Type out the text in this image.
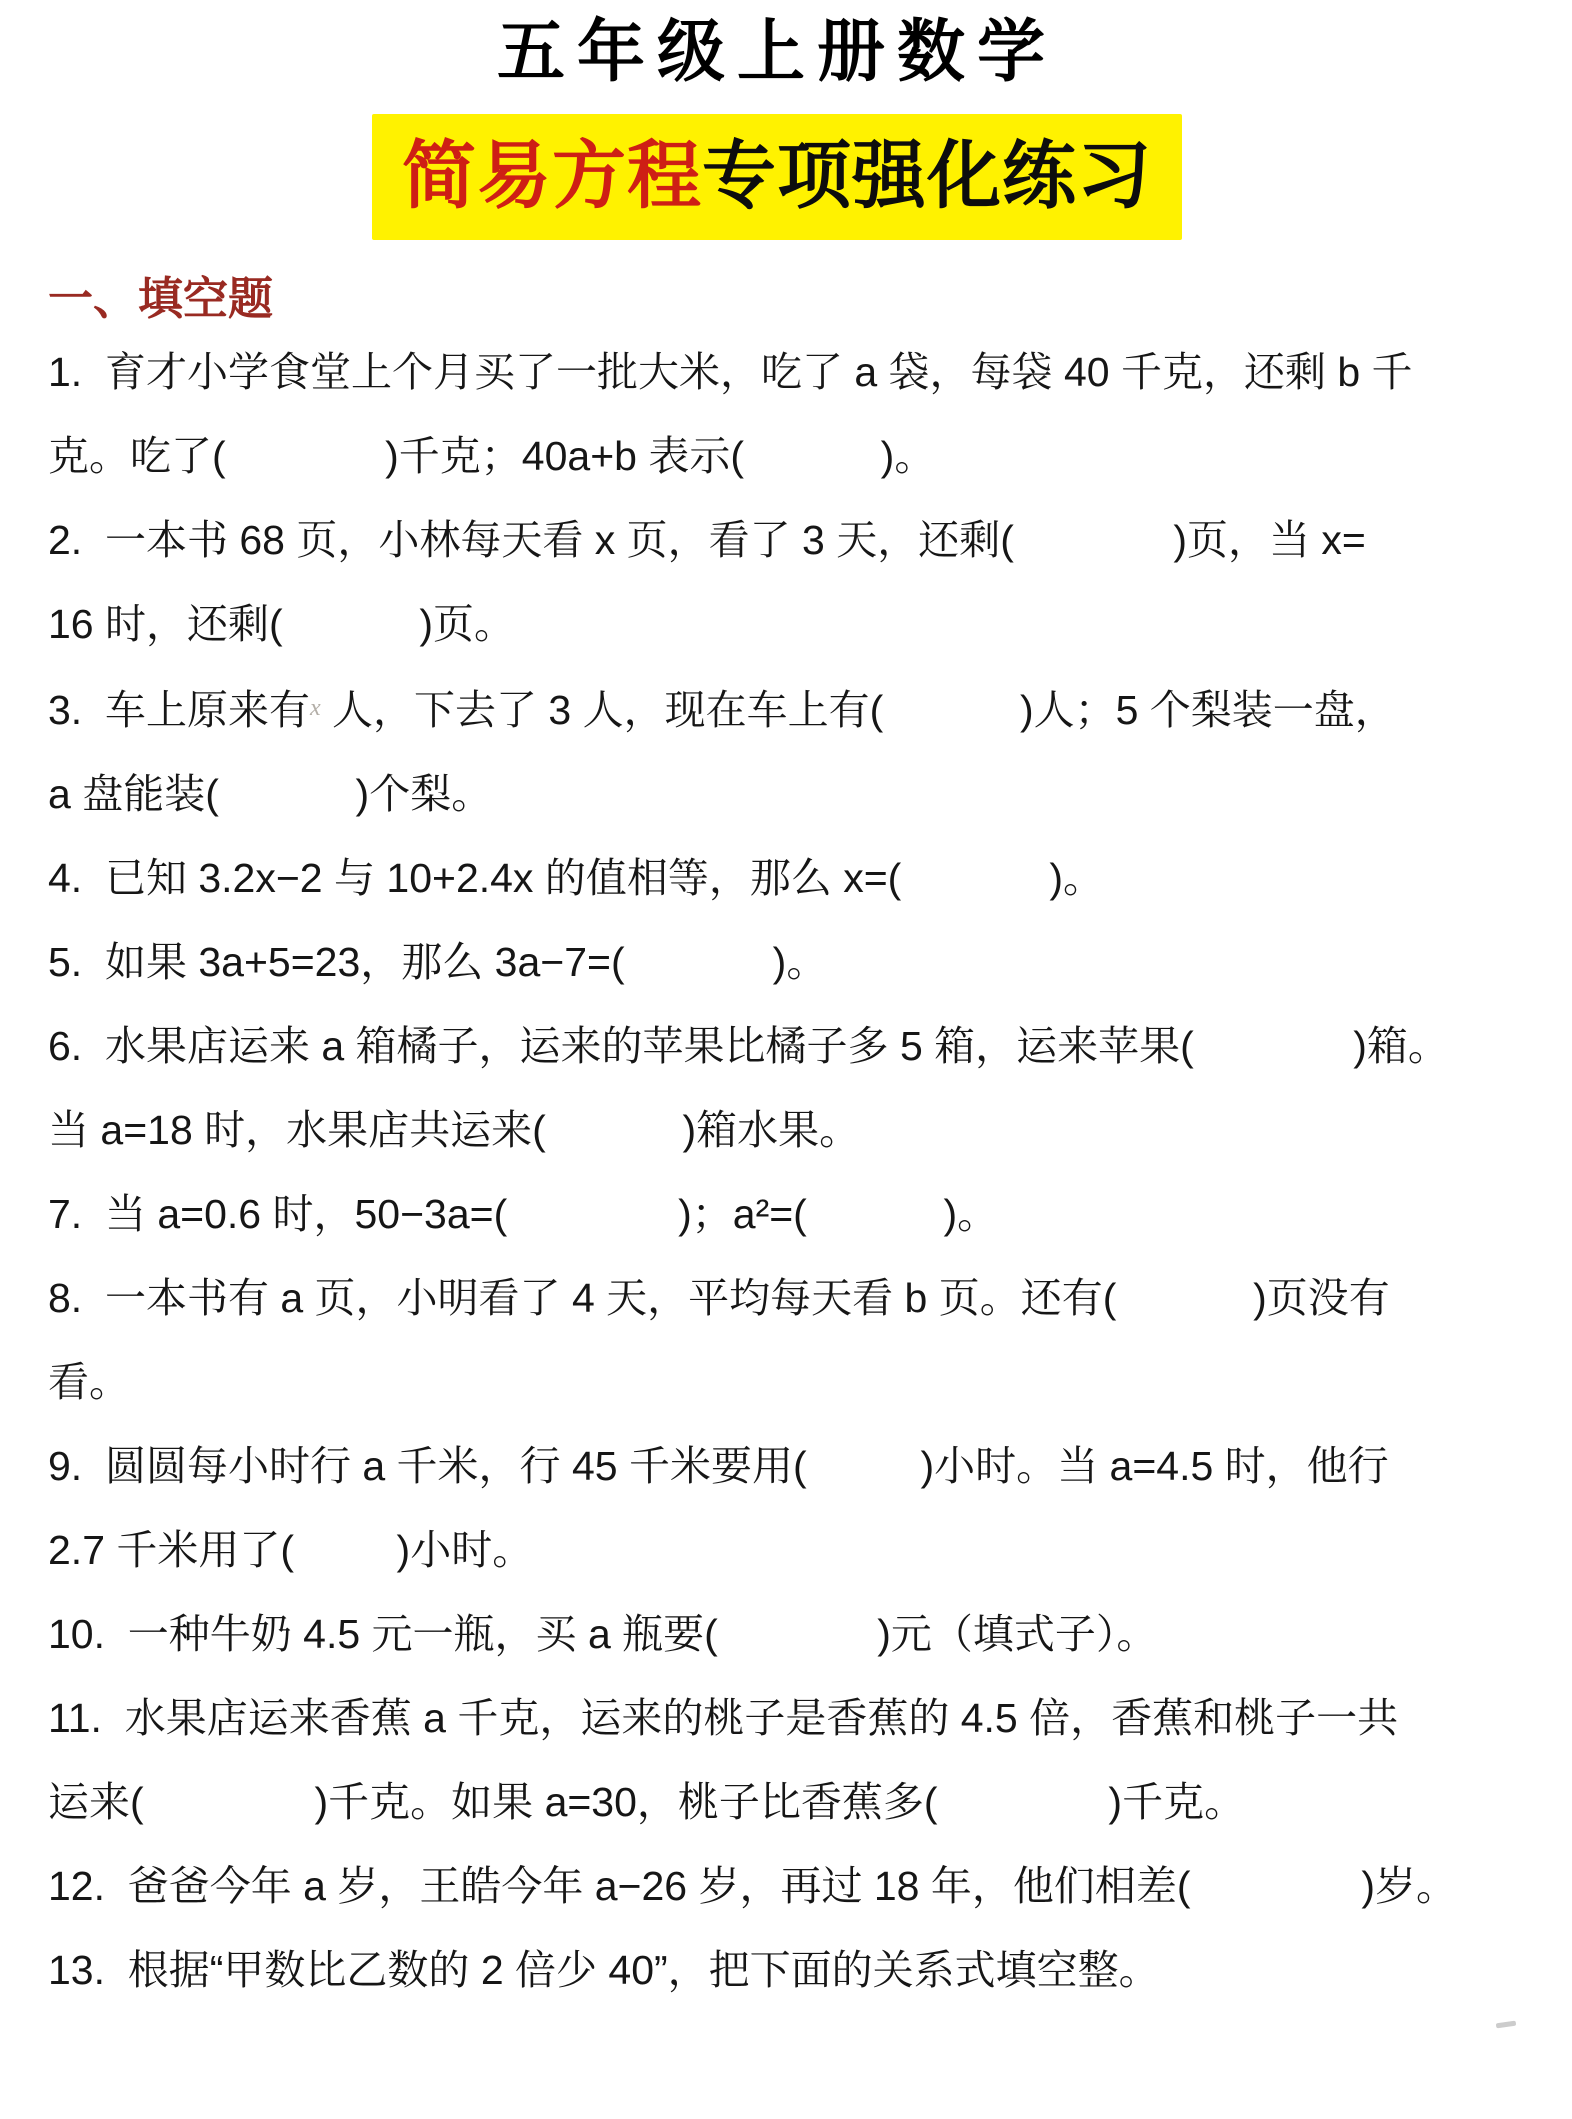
五年级上册数学
简易方程专项强化练习
一、填空题
1.  育才小学食堂上个月买了一批大米，吃了 a 袋，每袋 40 千克，还剩 b 千
克。吃了(              )千克；40a+b 表示(            )。
2.  一本书 68 页，小林每天看 x 页，看了 3 天，还剩(              )页，当 x=
16 时，还剩(            )页。
3.  车上原来有$^x$ 人，下去了 3 人，现在车上有(            )人；5 个梨装一盘，
a 盘能装(            )个梨。
4.  已知 3.2x−2 与 10+2.4x 的值相等，那么 x=(             )。
5.  如果 3a+5=23，那么 3a−7=(             )。
6.  水果店运来 a 箱橘子，运来的苹果比橘子多 5 箱，运来苹果(              )箱。
当 a=18 时，水果店共运来(            )箱水果。
7.  当 a=0.6 时，50−3a=(               )；a²=(            )。
8.  一本书有 a 页，小明看了 4 天，平均每天看 b 页。还有(            )页没有
看。
9.  圆圆每小时行 a 千米，行 45 千米要用(          )小时。当 a=4.5 时，他行
2.7 千米用了(         )小时。
10.  一种牛奶 4.5 元一瓶，买 a 瓶要(              )元（填式子）。
11.  水果店运来香蕉 a 千克，运来的桃子是香蕉的 4.5 倍，香蕉和桃子一共
运来(               )千克。如果 a=30，桃子比香蕉多(               )千克。
12.  爸爸今年 a 岁，王皓今年 a−26 岁，再过 18 年，他们相差(               )岁。
13.  根据“甲数比乙数的 2 倍少 40”，把下面的关系式填空整。
